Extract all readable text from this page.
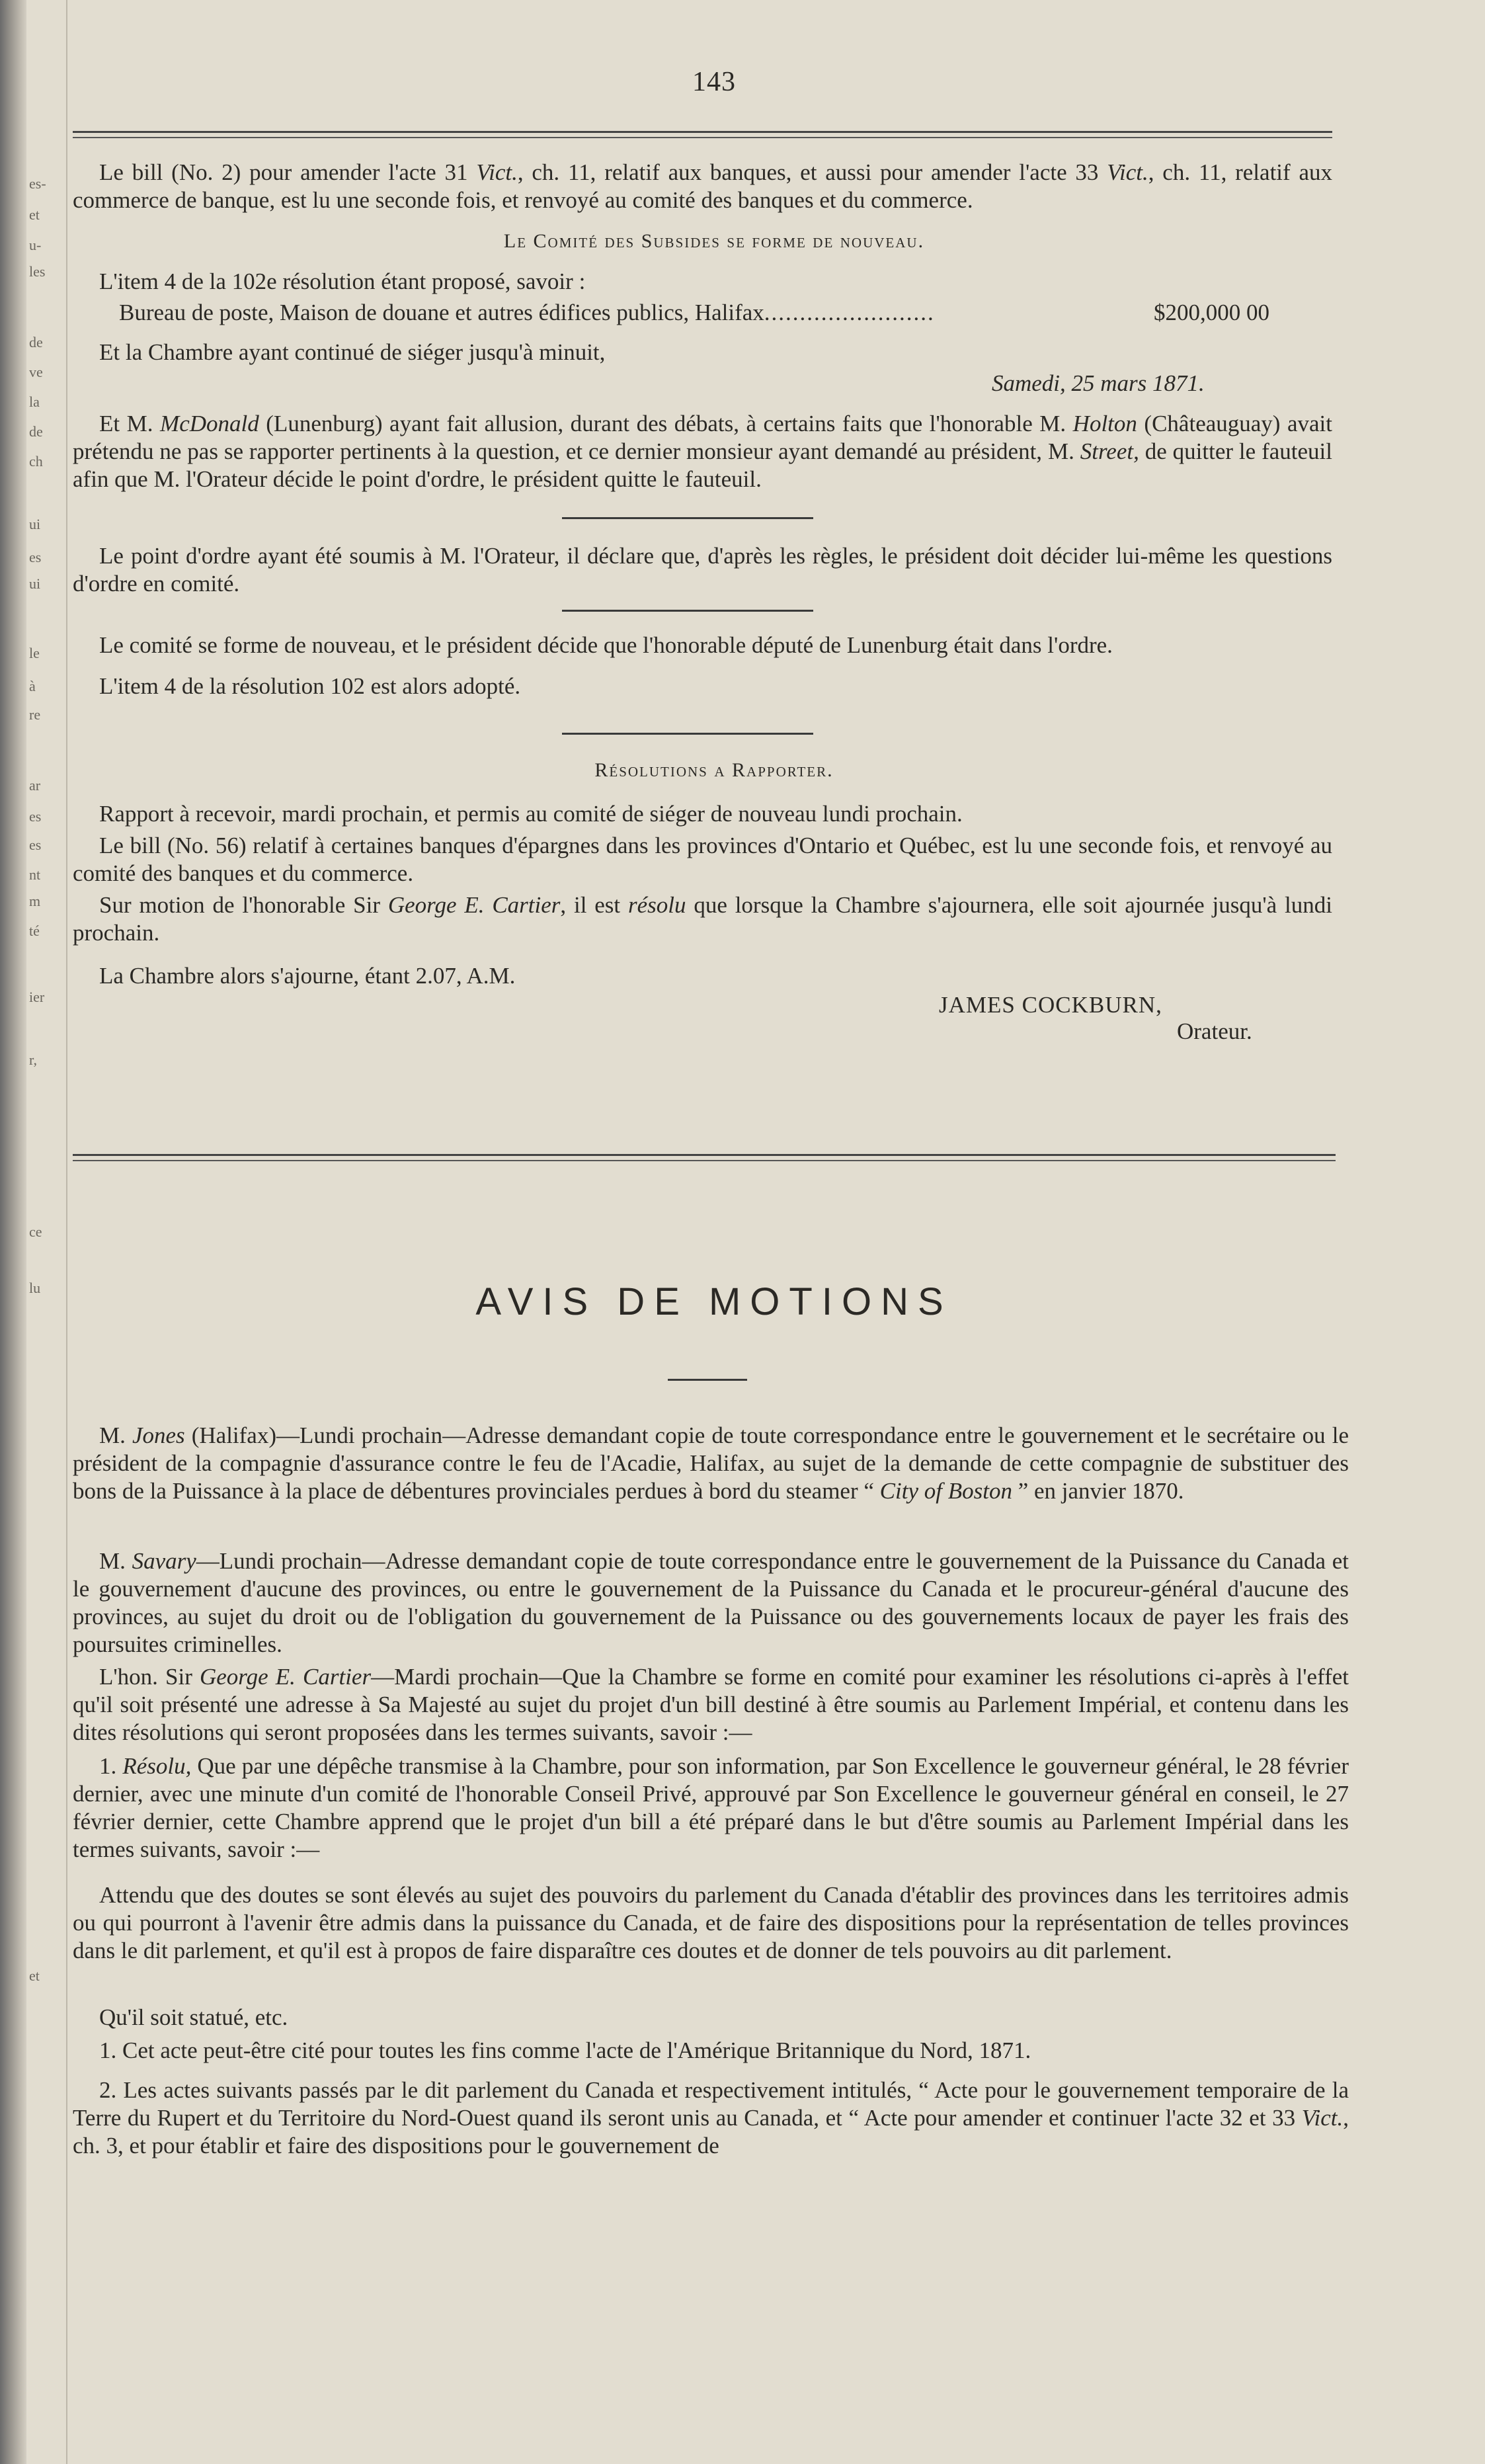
es-
et
u-
les
de
ve
la
de
ch
ui
es
ui
le
à
re
ar
es
es
nt
m
té
ier
r,
ce
lu
et
143
Le bill (No. 2) pour amender l'acte 31 Vict., ch. 11, relatif aux banques, et aussi pour amender l'acte 33 Vict., ch. 11, relatif aux commerce de banque, est lu une seconde fois, et renvoyé au comité des banques et du commerce.
Le Comité des Subsides se forme de nouveau.
L'item 4 de la 102e résolution étant proposé, savoir :
Bureau de poste, Maison de douane et autres édifices publics, Halifax........................	$200,000 00
Et la Chambre ayant continué de siéger jusqu'à minuit,
Samedi, 25 mars 1871.
Et M. McDonald (Lunenburg) ayant fait allusion, durant des débats, à certains faits que l'honorable M. Holton (Châteauguay) avait prétendu ne pas se rapporter pertinents à la question, et ce dernier monsieur ayant demandé au président, M. Street, de quitter le fauteuil afin que M. l'Orateur décide le point d'ordre, le président quitte le fauteuil.
Le point d'ordre ayant été soumis à M. l'Orateur, il déclare que, d'après les règles, le président doit décider lui-même les questions d'ordre en comité.
Le comité se forme de nouveau, et le président décide que l'honorable député de Lunenburg était dans l'ordre.
L'item 4 de la résolution 102 est alors adopté.
Résolutions a Rapporter.
Rapport à recevoir, mardi prochain, et permis au comité de siéger de nouveau lundi prochain.
Le bill (No. 56) relatif à certaines banques d'épargnes dans les provinces d'Ontario et Québec, est lu une seconde fois, et renvoyé au comité des banques et du commerce.
Sur motion de l'honorable Sir George E. Cartier, il est résolu que lorsque la Chambre s'ajournera, elle soit ajournée jusqu'à lundi prochain.
La Chambre alors s'ajourne, étant 2.07, A.M.
JAMES COCKBURN,
Orateur.
AVIS DE MOTIONS
M. Jones (Halifax)—Lundi prochain—Adresse demandant copie de toute correspondance entre le gouvernement et le secrétaire ou le président de la compagnie d'assurance contre le feu de l'Acadie, Halifax, au sujet de la demande de cette compagnie de substituer des bons de la Puissance à la place de débentures provinciales perdues à bord du steamer “ City of Boston ” en janvier 1870.
M. Savary—Lundi prochain—Adresse demandant copie de toute correspondance entre le gouvernement de la Puissance du Canada et le gouvernement d'aucune des provinces, ou entre le gouvernement de la Puissance du Canada et le procureur-général d'aucune des provinces, au sujet du droit ou de l'obligation du gouvernement de la Puissance ou des gouvernements locaux de payer les frais des poursuites criminelles.
L'hon. Sir George E. Cartier—Mardi prochain—Que la Chambre se forme en comité pour examiner les résolutions ci-après à l'effet qu'il soit présenté une adresse à Sa Majesté au sujet du projet d'un bill destiné à être soumis au Parlement Impérial, et contenu dans les dites résolutions qui seront proposées dans les termes suivants, savoir :—
1. Résolu, Que par une dépêche transmise à la Chambre, pour son information, par Son Excellence le gouverneur général, le 28 février dernier, avec une minute d'un comité de l'honorable Conseil Privé, approuvé par Son Excellence le gouverneur général en conseil, le 27 février dernier, cette Chambre apprend que le projet d'un bill a été préparé dans le but d'être soumis au Parlement Impérial dans les termes suivants, savoir :—
Attendu que des doutes se sont élevés au sujet des pouvoirs du parlement du Canada d'établir des provinces dans les territoires admis ou qui pourront à l'avenir être admis dans la puissance du Canada, et de faire des dispositions pour la représentation de telles provinces dans le dit parlement, et qu'il est à propos de faire disparaître ces doutes et de donner de tels pouvoirs au dit parlement.
Qu'il soit statué, etc.
1. Cet acte peut-être cité pour toutes les fins comme l'acte de l'Amérique Britannique du Nord, 1871.
2. Les actes suivants passés par le dit parlement du Canada et respectivement intitulés, “ Acte pour le gouvernement temporaire de la Terre du Rupert et du Territoire du Nord-Ouest quand ils seront unis au Canada, et “ Acte pour amender et continuer l'acte 32 et 33 Vict., ch. 3, et pour établir et faire des dispositions pour le gouvernement de
